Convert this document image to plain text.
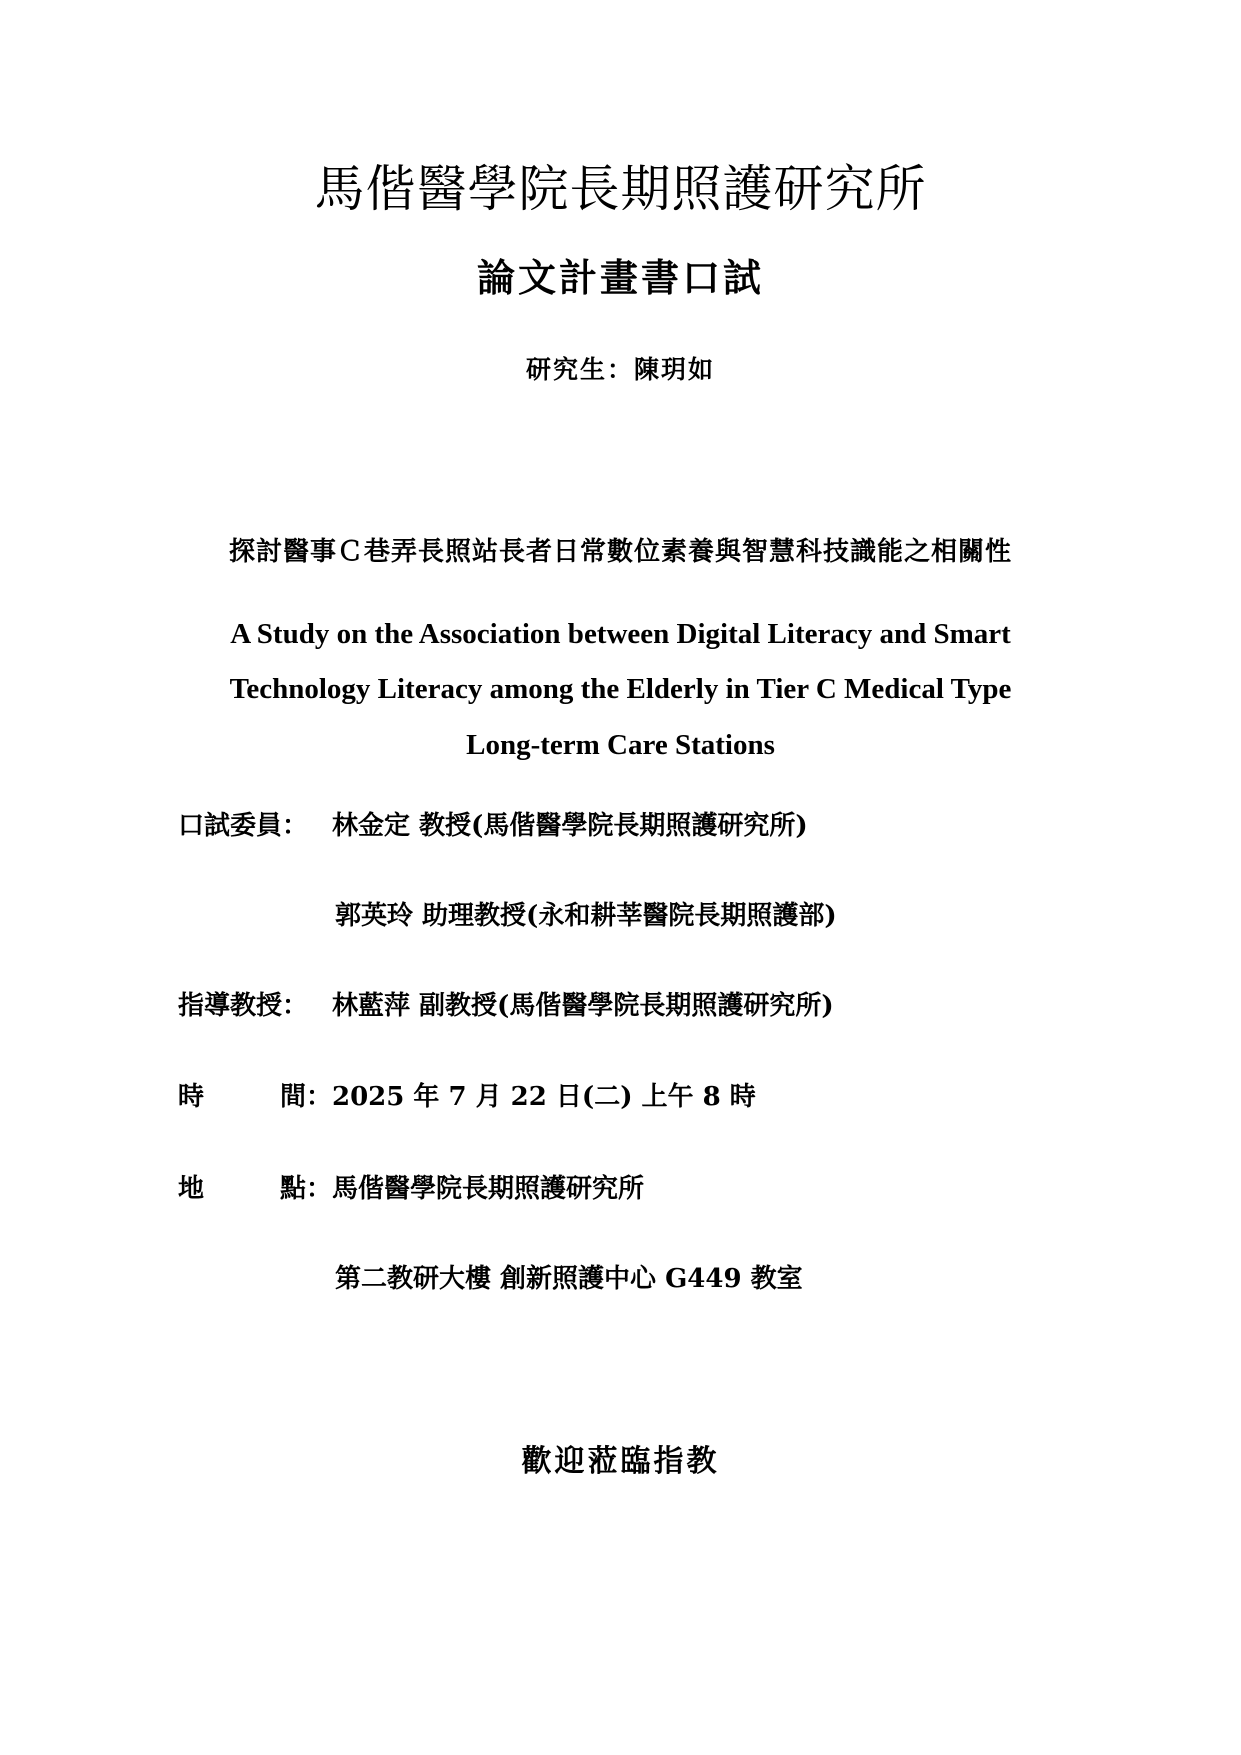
馬偕醫學院長期照護研究所
論文計畫書口試
研究生：陳玥如
探討醫事Ｃ巷弄長照站長者日常數位素養與智慧科技識能之相關性
A Study on the Association between Digital Literacy and Smart
Technology Literacy among the Elderly in Tier C Medical Type
Long-term Care Stations
口試委員： 林金定 教授(馬偕醫學院長期照護研究所)
郭英玲 助理教授(永和耕莘醫院長期照護部)
指導教授： 林藍萍 副教授(馬偕醫學院長期照護研究所)
時	間： 2025 年 7 月 22 日(二) 上午 8 時
地	點： 馬偕醫學院長期照護研究所
第二教研大樓 創新照護中心 G449 教室
歡迎蒞臨指教
